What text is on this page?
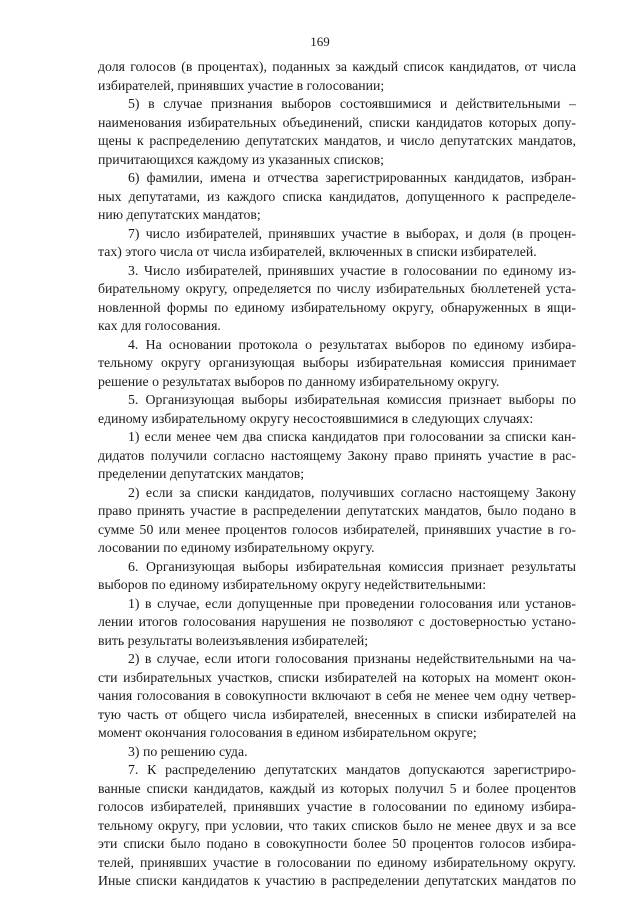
169
доля голосов (в процентах), поданных за каждый список кандидатов, от числа
избирателей, принявших участие в голосовании;
5) в случае признания выборов состоявшимися и действительными –
наименования избирательных объединений, списки кандидатов которых допу-
щены к распределению депутатских мандатов, и число депутатских мандатов,
причитающихся каждому из указанных списков;
6) фамилии, имена и отчества зарегистрированных кандидатов, избран-
ных депутатами, из каждого списка кандидатов, допущенного к распределе-
нию депутатских мандатов;
7) число избирателей, принявших участие в выборах, и доля (в процен-
тах) этого числа от числа избирателей, включенных в списки избирателей.
3. Число избирателей, принявших участие в голосовании по единому из-
бирательному округу, определяется по числу избирательных бюллетеней уста-
новленной формы по единому избирательному округу, обнаруженных в ящи-
ках для голосования.
4. На основании протокола о результатах выборов по единому избира-
тельному округу организующая выборы избирательная комиссия принимает
решение о результатах выборов по данному избирательному округу.
5. Организующая выборы избирательная комиссия признает выборы по
единому избирательному округу несостоявшимися в следующих случаях:
1) если менее чем два списка кандидатов при голосовании за списки кан-
дидатов получили согласно настоящему Закону право принять участие в рас-
пределении депутатских мандатов;
2) если за списки кандидатов, получивших согласно настоящему Закону
право принять участие в распределении депутатских мандатов, было подано в
сумме 50 или менее процентов голосов избирателей, принявших участие в го-
лосовании по единому избирательному округу.
6. Организующая выборы избирательная комиссия признает результаты
выборов по единому избирательному округу недействительными:
1) в случае, если допущенные при проведении голосования или установ-
лении итогов голосования нарушения не позволяют с достоверностью устано-
вить результаты волеизъявления избирателей;
2) в случае, если итоги голосования признаны недействительными на ча-
сти избирательных участков, списки избирателей на которых на момент окон-
чания голосования в совокупности включают в себя не менее чем одну четвер-
тую часть от общего числа избирателей, внесенных в списки избирателей на
момент окончания голосования в едином избирательном округе;
3) по решению суда.
7. К распределению депутатских мандатов допускаются зарегистриро-
ванные списки кандидатов, каждый из которых получил 5 и более процентов
голосов избирателей, принявших участие в голосовании по единому избира-
тельному округу, при условии, что таких списков было не менее двух и за все
эти списки было подано в совокупности более 50 процентов голосов избира-
телей, принявших участие в голосовании по единому избирательному округу.
Иные списки кандидатов к участию в распределении депутатских мандатов по
